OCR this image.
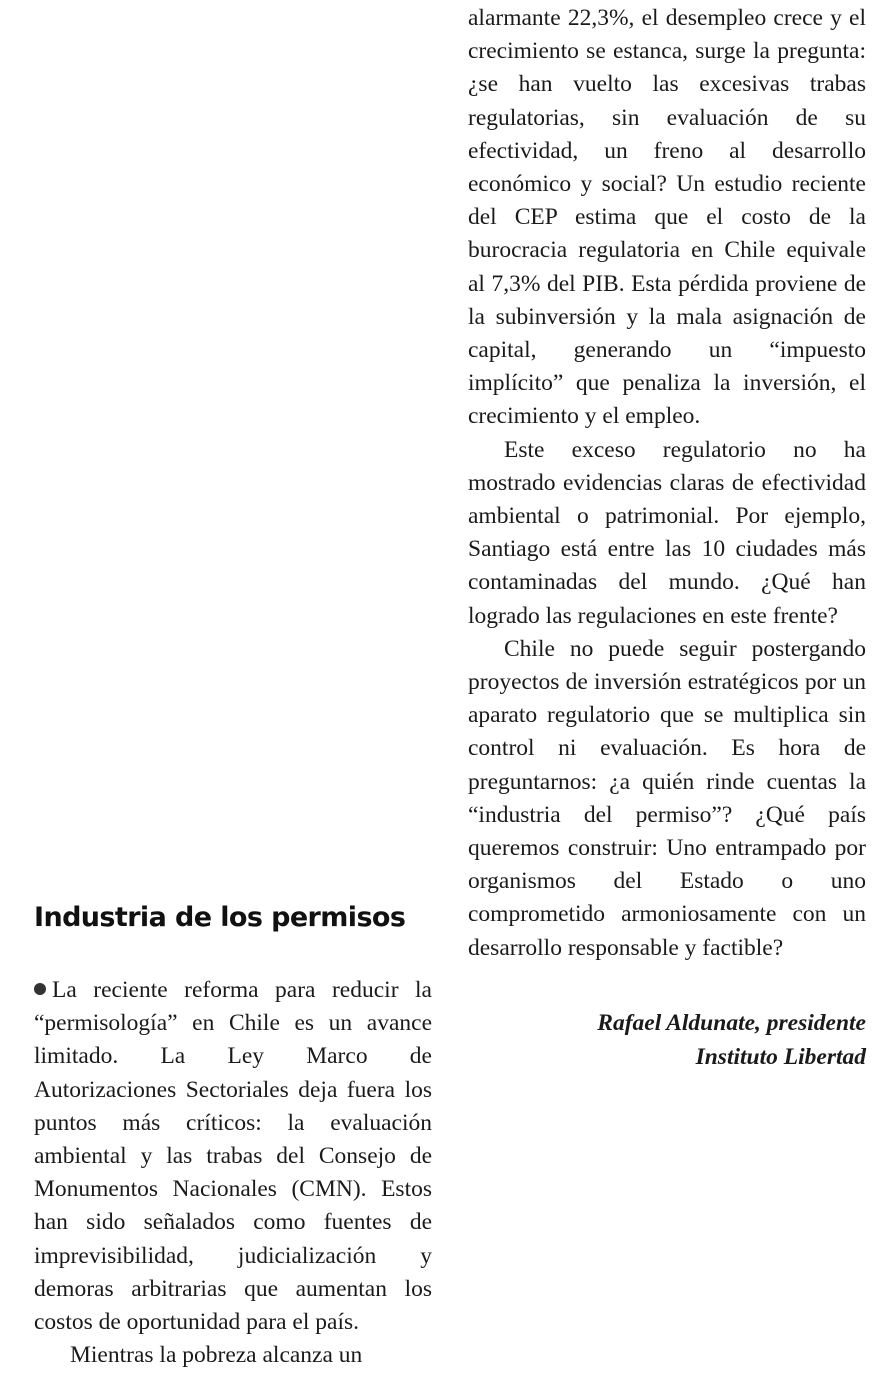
Industria de los permisos

La reciente reforma para reducir la “permisología” en Chile es un avance limitado. La Ley Marco de Autorizaciones Sectoriales deja fuera los puntos más críticos: la evaluación ambiental y las trabas del Consejo de Monumentos Nacionales (CMN). Estos han sido señalados como fuentes de imprevisibilidad, judicialización y demoras arbitrarias que aumentan los costos de oportunidad para el país.

Mientras la pobreza alcanza un

alarmante 22,3%, el desempleo crece y el crecimiento se estanca, surge la pregunta: ¿se han vuelto las excesivas trabas regulatorias, sin evaluación de su efectividad, un freno al desarrollo económico y social? Un estudio reciente del CEP estima que el costo de la burocracia regulatoria en Chile equivale al 7,3% del PIB. Esta pérdida proviene de la subinversión y la mala asignación de capital, generando un “impuesto implícito” que penaliza la inversión, el crecimiento y el empleo.

Este exceso regulatorio no ha mostrado evidencias claras de efectividad ambiental o patrimonial. Por ejemplo, Santiago está entre las 10 ciudades más contaminadas del mundo. ¿Qué han logrado las regulaciones en este frente?

Chile no puede seguir postergando proyectos de inversión estratégicos por un aparato regulatorio que se multiplica sin control ni evaluación. Es hora de preguntarnos: ¿a quién rinde cuentas la “industria del permiso”? ¿Qué país queremos construir: Uno entrampado por organismos del Estado o uno comprometido armoniosamente con un desarrollo responsable y factible?

Rafael Aldunate, presidente
Instituto Libertad
